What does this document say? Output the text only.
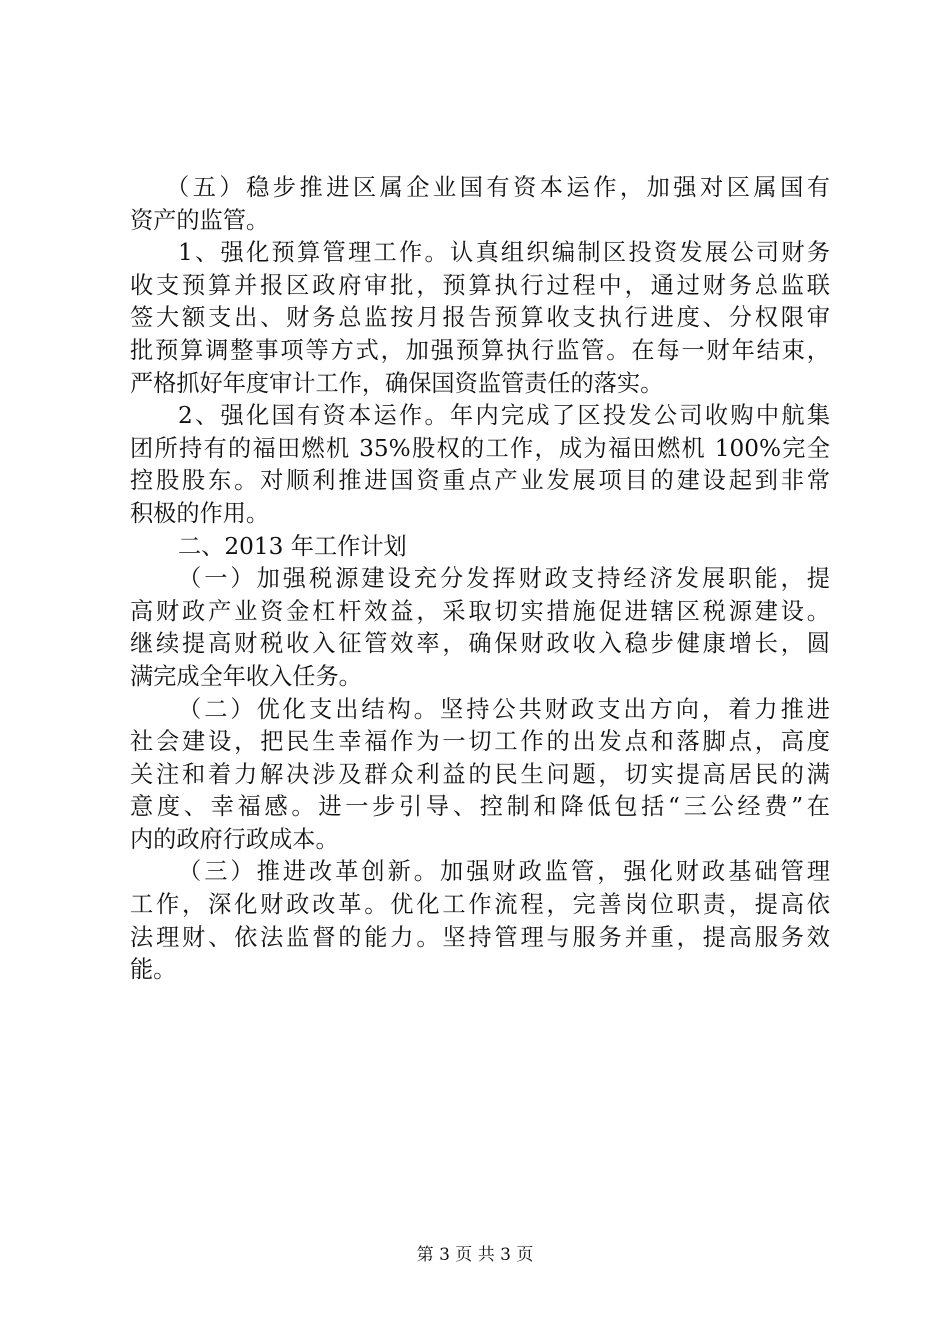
（五）稳步推进区属企业国有资本运作，加强对区属国有
资产的监管。
1、强化预算管理工作。认真组织编制区投资发展公司财务
收支预算并报区政府审批，预算执行过程中，通过财务总监联
签大额支出、财务总监按月报告预算收支执行进度、分权限审
批预算调整事项等方式，加强预算执行监管。在每一财年结束，
严格抓好年度审计工作，确保国资监管责任的落实。
2、强化国有资本运作。年内完成了区投发公司收购中航集
团所持有的福田燃机 35%股权的工作，成为福田燃机 100%完全
控股股东。对顺利推进国资重点产业发展项目的建设起到非常
积极的作用。
二、2013 年工作计划
（一）加强税源建设充分发挥财政支持经济发展职能，提
高财政产业资金杠杆效益，采取切实措施促进辖区税源建设。
继续提高财税收入征管效率，确保财政收入稳步健康增长，圆
满完成全年收入任务。
（二）优化支出结构。坚持公共财政支出方向，着力推进
社会建设，把民生幸福作为一切工作的出发点和落脚点，高度
关注和着力解决涉及群众利益的民生问题，切实提高居民的满
意度、幸福感。进一步引导、控制和降低包括“三公经费”在
内的政府行政成本。
（三）推进改革创新。加强财政监管，强化财政基础管理
工作，深化财政改革。优化工作流程，完善岗位职责，提高依
法理财、依法监督的能力。坚持管理与服务并重，提高服务效
能。
第 3 页 共 3 页
